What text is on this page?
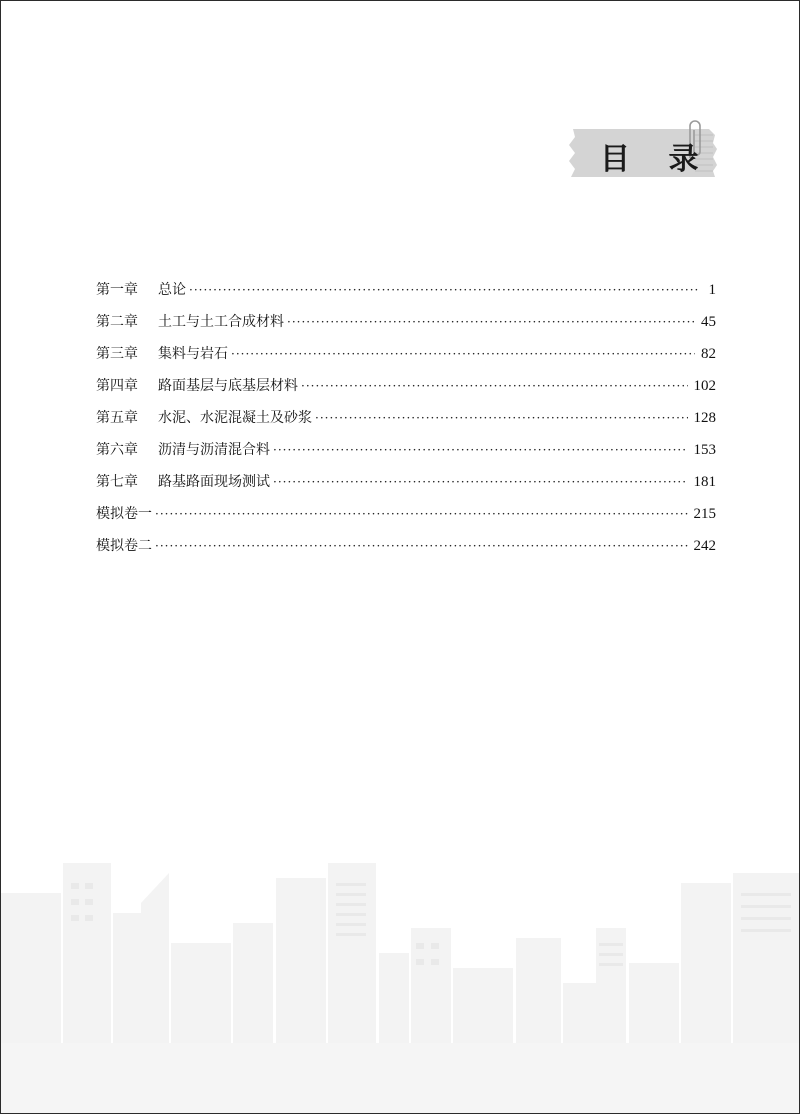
目 录
第一章 总论 ·····	1
第二章 土工与土工合成材料 ·····	45
第三章 集料与岩石 ·····	82
第四章 路面基层与底基层材料 ·····	102
第五章 水泥、水泥混凝土及砂浆 ·····	128
第六章 沥清与沥清混合料 ·····	153
第七章 路基路面现场测试 ·····	181
模拟卷一 ·····	215
模拟卷二 ·····	242
